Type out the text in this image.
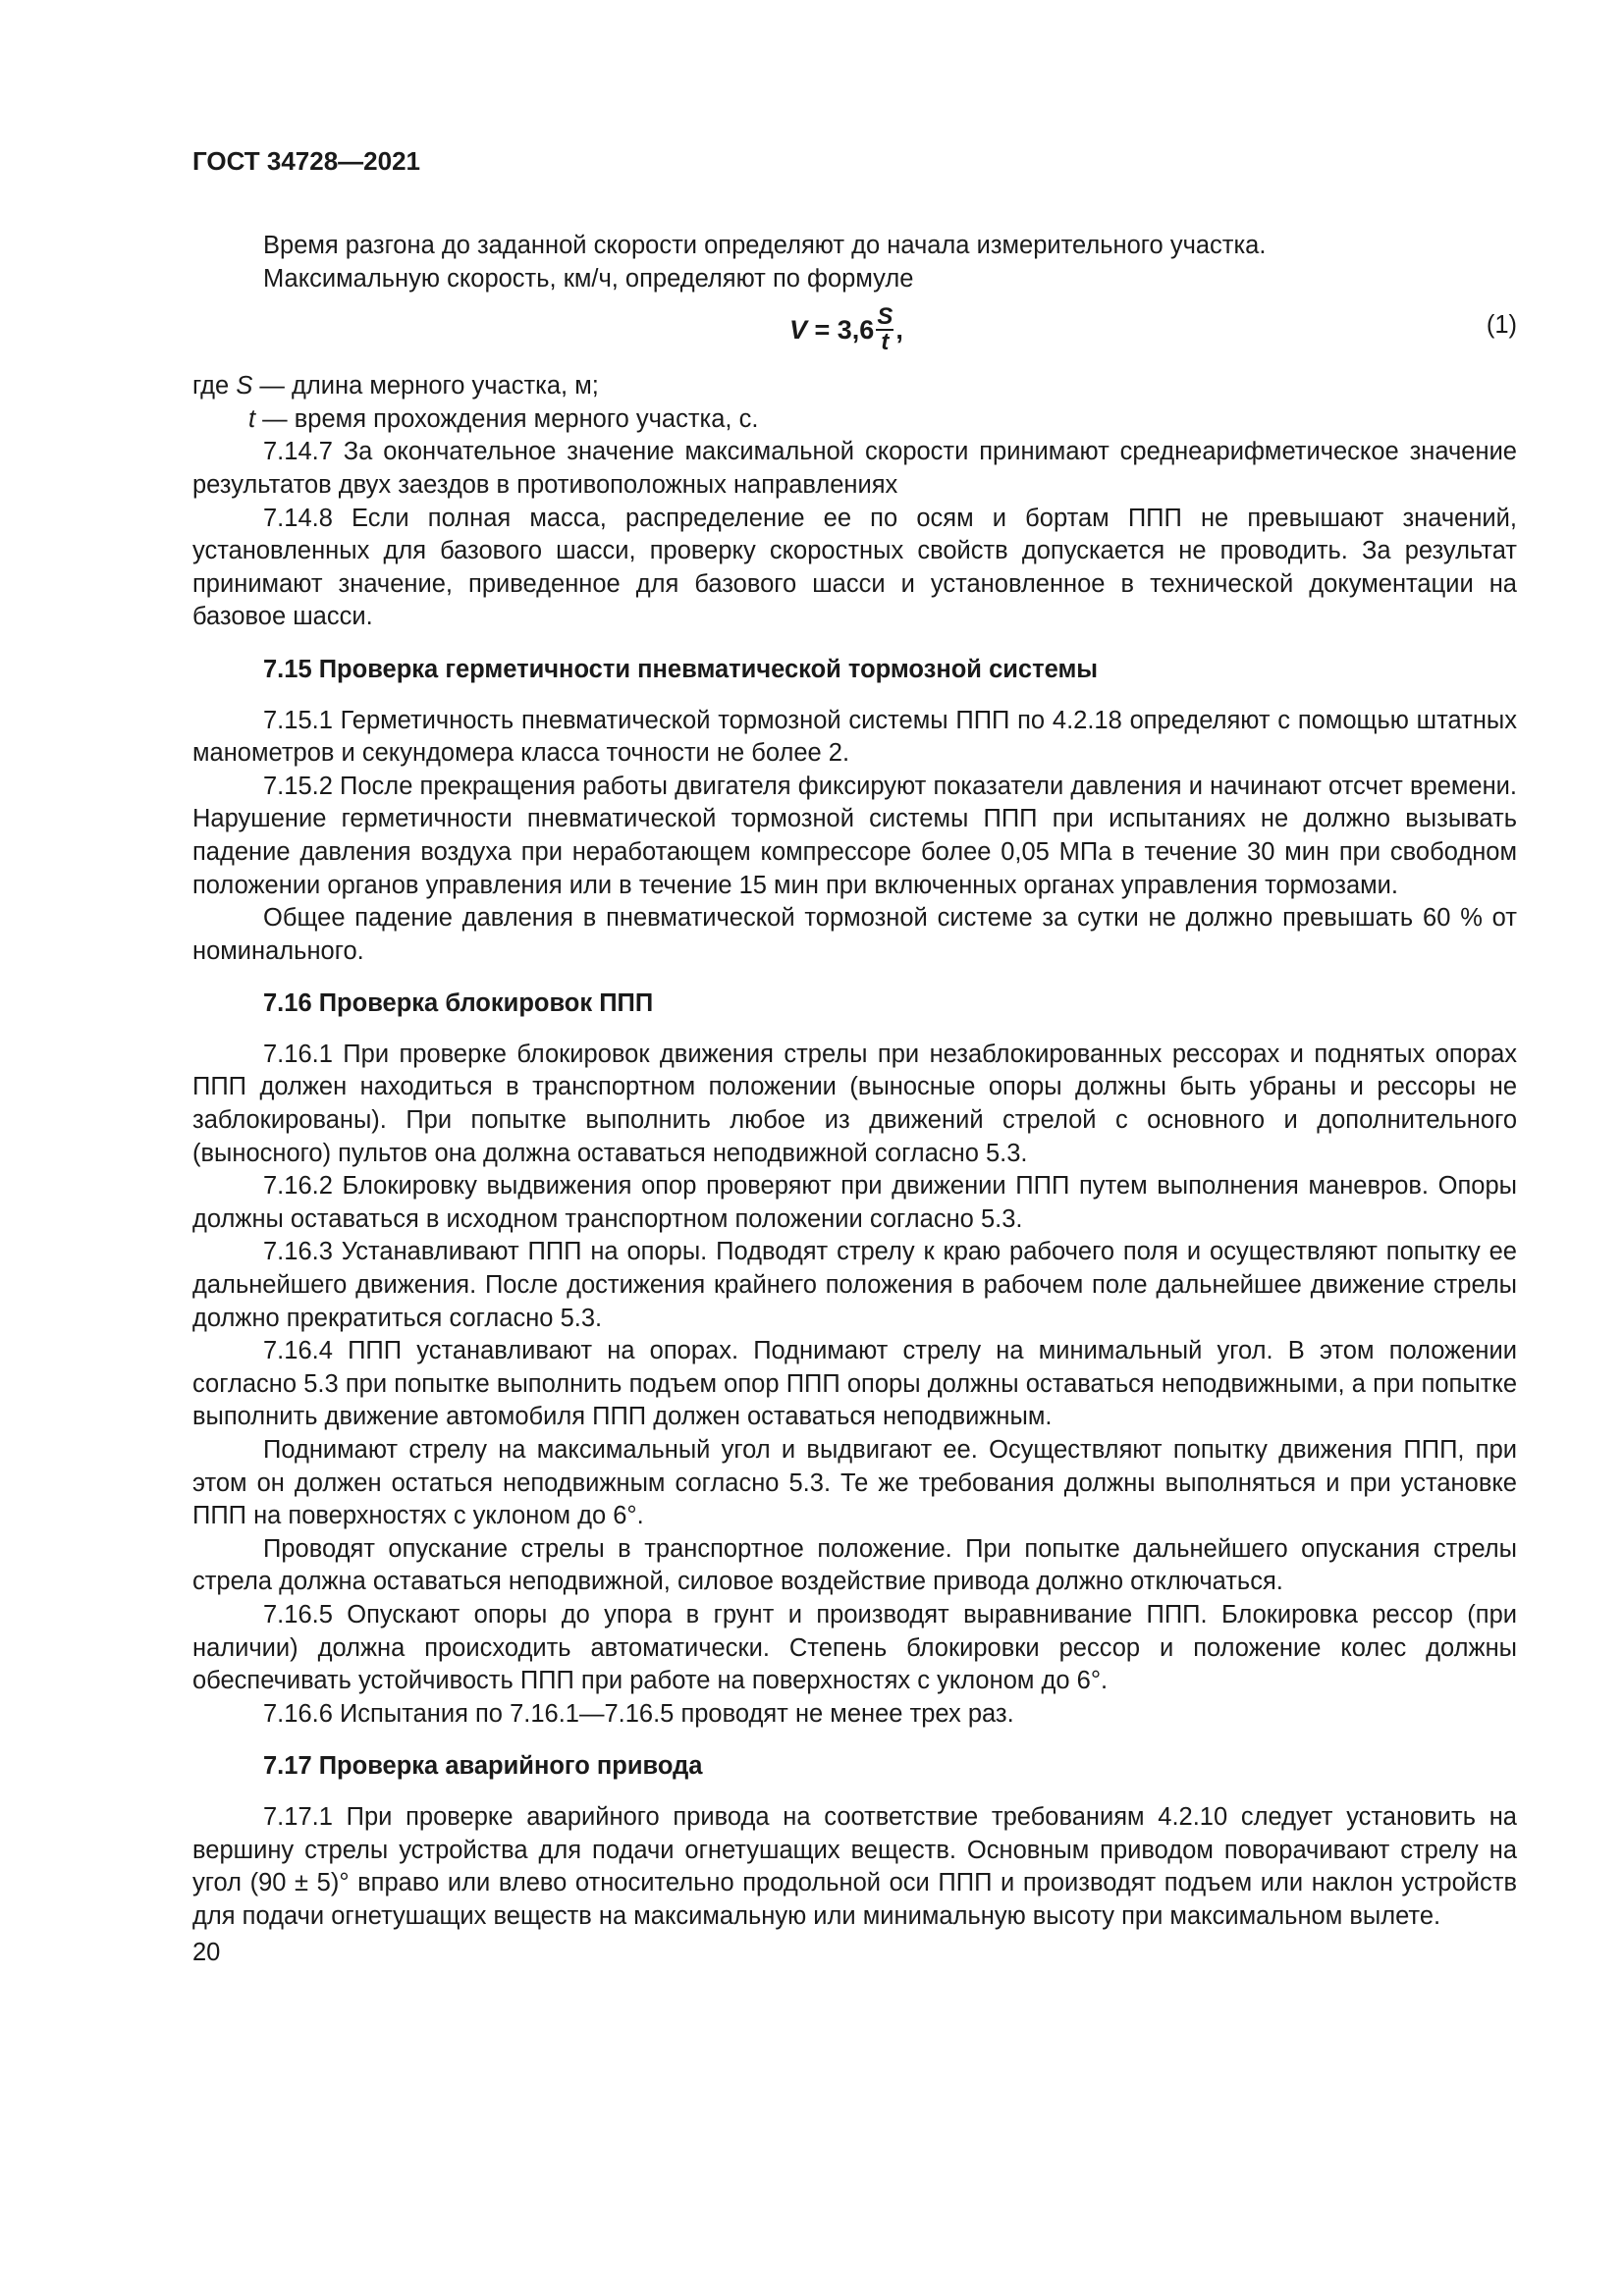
ГОСТ 34728—2021

Время разгона до заданной скорости определяют до начала измерительного участка.

Максимальную скорость, км/ч, определяют по формуле

$V = 3,6 \frac{S}{t}$ ,	(1)
где S — длина мерного участка, м;
t — время прохождения мерного участка, с.

7.14.7 За окончательное значение максимальной скорости принимают среднеарифметическое значение результатов двух заездов в противоположных направлениях

7.14.8 Если полная масса, распределение ее по осям и бортам ППП не превышают значений, установленных для базового шасси, проверку скоростных свойств допускается не проводить. За результат принимают значение, приведенное для базового шасси и установленное в технической документации на базовое шасси.

7.15 Проверка герметичности пневматической тормозной системы

7.15.1 Герметичность пневматической тормозной системы ППП по 4.2.18 определяют с помощью штатных манометров и секундомера класса точности не более 2.

7.15.2 После прекращения работы двигателя фиксируют показатели давления и начинают отсчет времени. Нарушение герметичности пневматической тормозной системы ППП при испытаниях не должно вызывать падение давления воздуха при неработающем компрессоре более 0,05 МПа в течение 30 мин при свободном положении органов управления или в течение 15 мин при включенных органах управления тормозами.

Общее падение давления в пневматической тормозной системе за сутки не должно превышать 60 % от номинального.

7.16 Проверка блокировок ППП

7.16.1 При проверке блокировок движения стрелы при незаблокированных рессорах и поднятых опорах ППП должен находиться в транспортном положении (выносные опоры должны быть убраны и рессоры не заблокированы). При попытке выполнить любое из движений стрелой с основного и дополнительного (выносного) пультов она должна оставаться неподвижной согласно 5.3.

7.16.2 Блокировку выдвижения опор проверяют при движении ППП путем выполнения маневров. Опоры должны оставаться в исходном транспортном положении согласно 5.3.

7.16.3 Устанавливают ППП на опоры. Подводят стрелу к краю рабочего поля и осуществляют попытку ее дальнейшего движения. После достижения крайнего положения в рабочем поле дальнейшее движение стрелы должно прекратиться согласно 5.3.

7.16.4 ППП устанавливают на опорах. Поднимают стрелу на минимальный угол. В этом положении согласно 5.3 при попытке выполнить подъем опор ППП опоры должны оставаться неподвижными, а при попытке выполнить движение автомобиля ППП должен оставаться неподвижным.

Поднимают стрелу на максимальный угол и выдвигают ее. Осуществляют попытку движения ППП, при этом он должен остаться неподвижным согласно 5.3. Те же требования должны выполняться и при установке ППП на поверхностях с уклоном до 6°.

Проводят опускание стрелы в транспортное положение. При попытке дальнейшего опускания стрелы стрела должна оставаться неподвижной, силовое воздействие привода должно отключаться.

7.16.5 Опускают опоры до упора в грунт и производят выравнивание ППП. Блокировка рессор (при наличии) должна происходить автоматически. Степень блокировки рессор и положение колес должны обеспечивать устойчивость ППП при работе на поверхностях с уклоном до 6°.

7.16.6 Испытания по 7.16.1—7.16.5 проводят не менее трех раз.

7.17 Проверка аварийного привода

7.17.1 При проверке аварийного привода на соответствие требованиям 4.2.10 следует установить на вершину стрелы устройства для подачи огнетушащих веществ. Основным приводом поворачивают стрелу на угол (90 ± 5)° вправо или влево относительно продольной оси ППП и производят подъем или наклон устройств для подачи огнетушащих веществ на максимальную или минимальную высоту при максимальном вылете.

20
